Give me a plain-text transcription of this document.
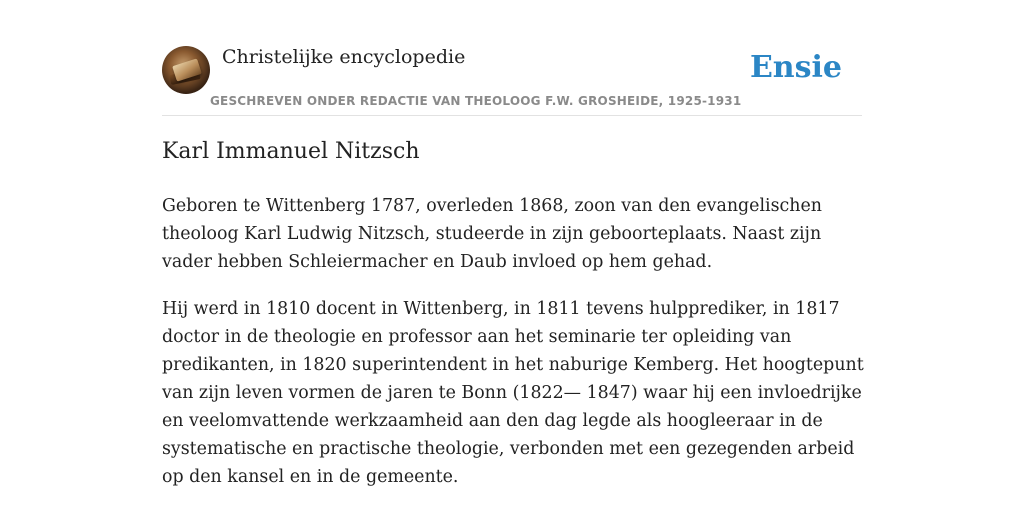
Christelijke encyclopedie
GESCHREVEN ONDER REDACTIE VAN THEOLOOG F.W. GROSHEIDE, 1925-1931
Ensie
Karl Immanuel Nitzsch

Geboren te Wittenberg 1787, overleden 1868, zoon van den evangelischen theoloog Karl Ludwig Nitzsch, studeerde in zijn geboorteplaats. Naast zijn vader hebben Schleiermacher en Daub invloed op hem gehad.

Hij werd in 1810 docent in Wittenberg, in 1811 tevens hulpprediker, in 1817 doctor in de theologie en professor aan het seminarie ter opleiding van predikanten, in 1820 superintendent in het naburige Kemberg. Het hoogtepunt van zijn leven vormen de jaren te Bonn (1822— 1847) waar hij een invloedrijke en veelomvattende werkzaamheid aan den dag legde als hoogleeraar in de systematische en practische theologie, verbonden met een gezegenden arbeid op den kansel en in de gemeente.
